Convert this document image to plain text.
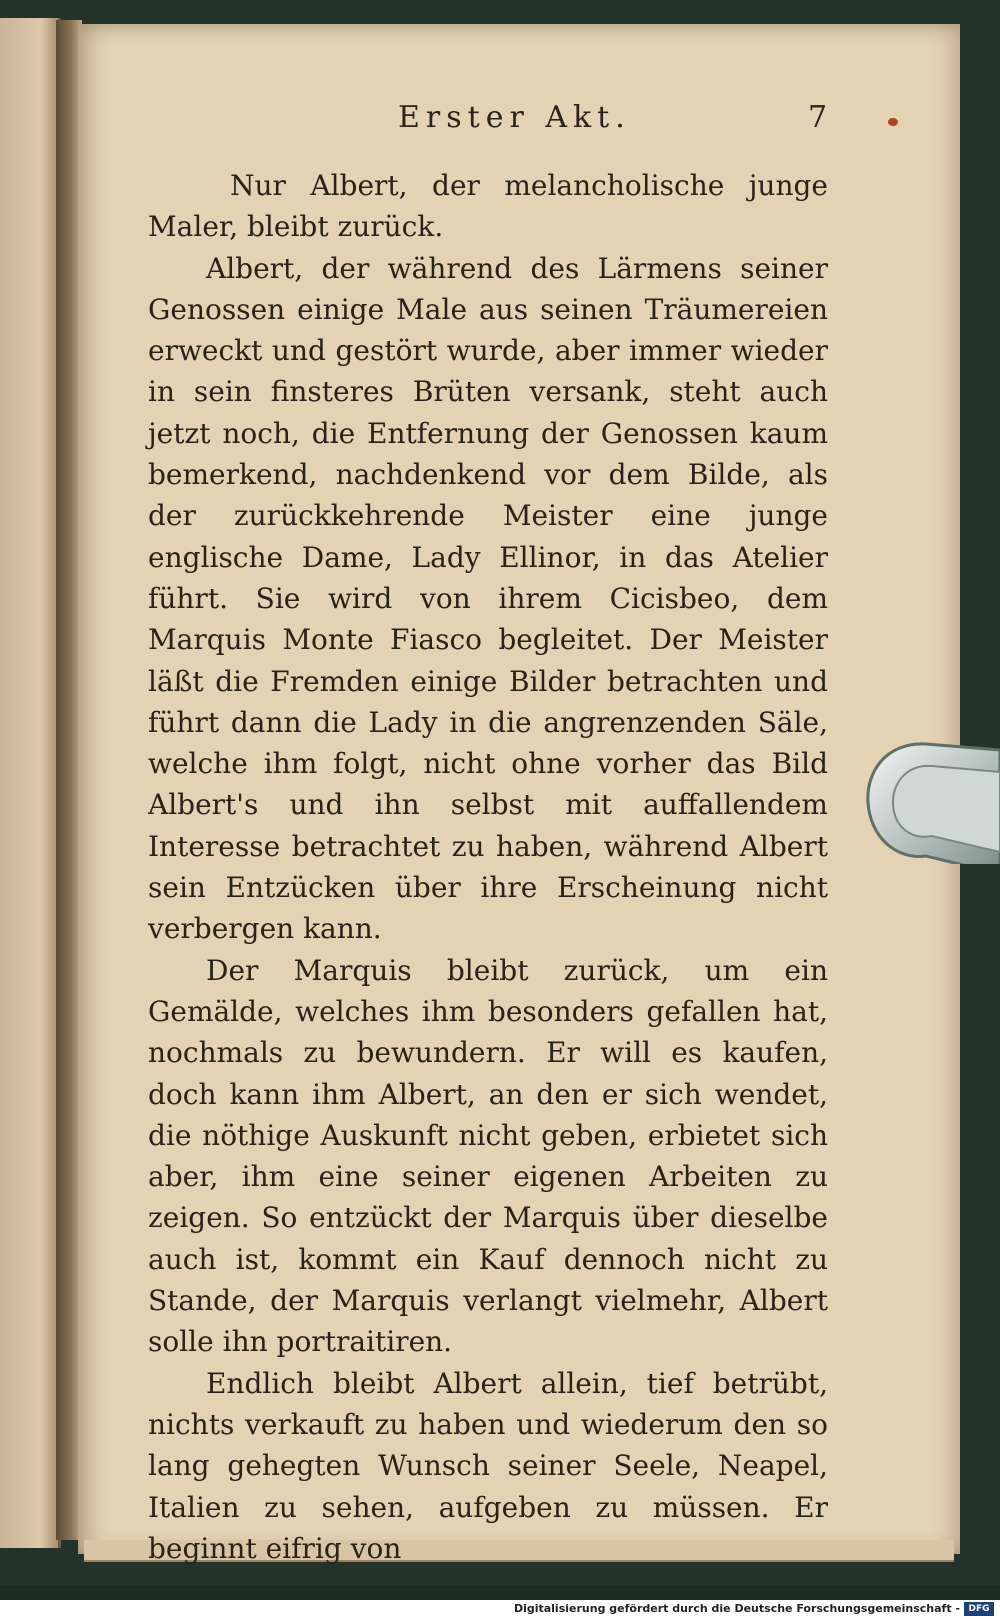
Erster Akt.	7

Nur Albert, der melancholische junge Maler, bleibt zurück.

Albert, der während des Lärmens seiner Genossen einige Male aus seinen Träumereien erweckt und gestört wurde, aber immer wieder in sein finsteres Brüten versank, steht auch jetzt noch, die Entfernung der Genossen kaum bemerkend, nachdenkend vor dem Bilde, als der zurückkehrende Meister eine junge englische Dame, Lady Ellinor, in das Atelier führt. Sie wird von ihrem Cicisbeo, dem Marquis Monte Fiasco begleitet. Der Meister läßt die Fremden einige Bilder betrachten und führt dann die Lady in die angrenzenden Säle, welche ihm folgt, nicht ohne vorher das Bild Albert's und ihn selbst mit auffallendem Interesse betrachtet zu haben, während Albert sein Entzücken über ihre Erscheinung nicht verbergen kann.

Der Marquis bleibt zurück, um ein Gemälde, welches ihm besonders gefallen hat, nochmals zu bewundern. Er will es kaufen, doch kann ihm Albert, an den er sich wendet, die nöthige Auskunft nicht geben, erbietet sich aber, ihm eine seiner eigenen Arbeiten zu zeigen. So entzückt der Marquis über dieselbe auch ist, kommt ein Kauf dennoch nicht zu Stande, der Marquis verlangt vielmehr, Albert solle ihn portraitiren.

Endlich bleibt Albert allein, tief betrübt, nichts verkauft zu haben und wiederum den so lang gehegten Wunsch seiner Seele, Neapel, Italien zu sehen, aufgeben zu müssen. Er beginnt eifrig von

Digitalisierung gefördert durch die Deutsche Forschungsgemeinschaft - DFG
